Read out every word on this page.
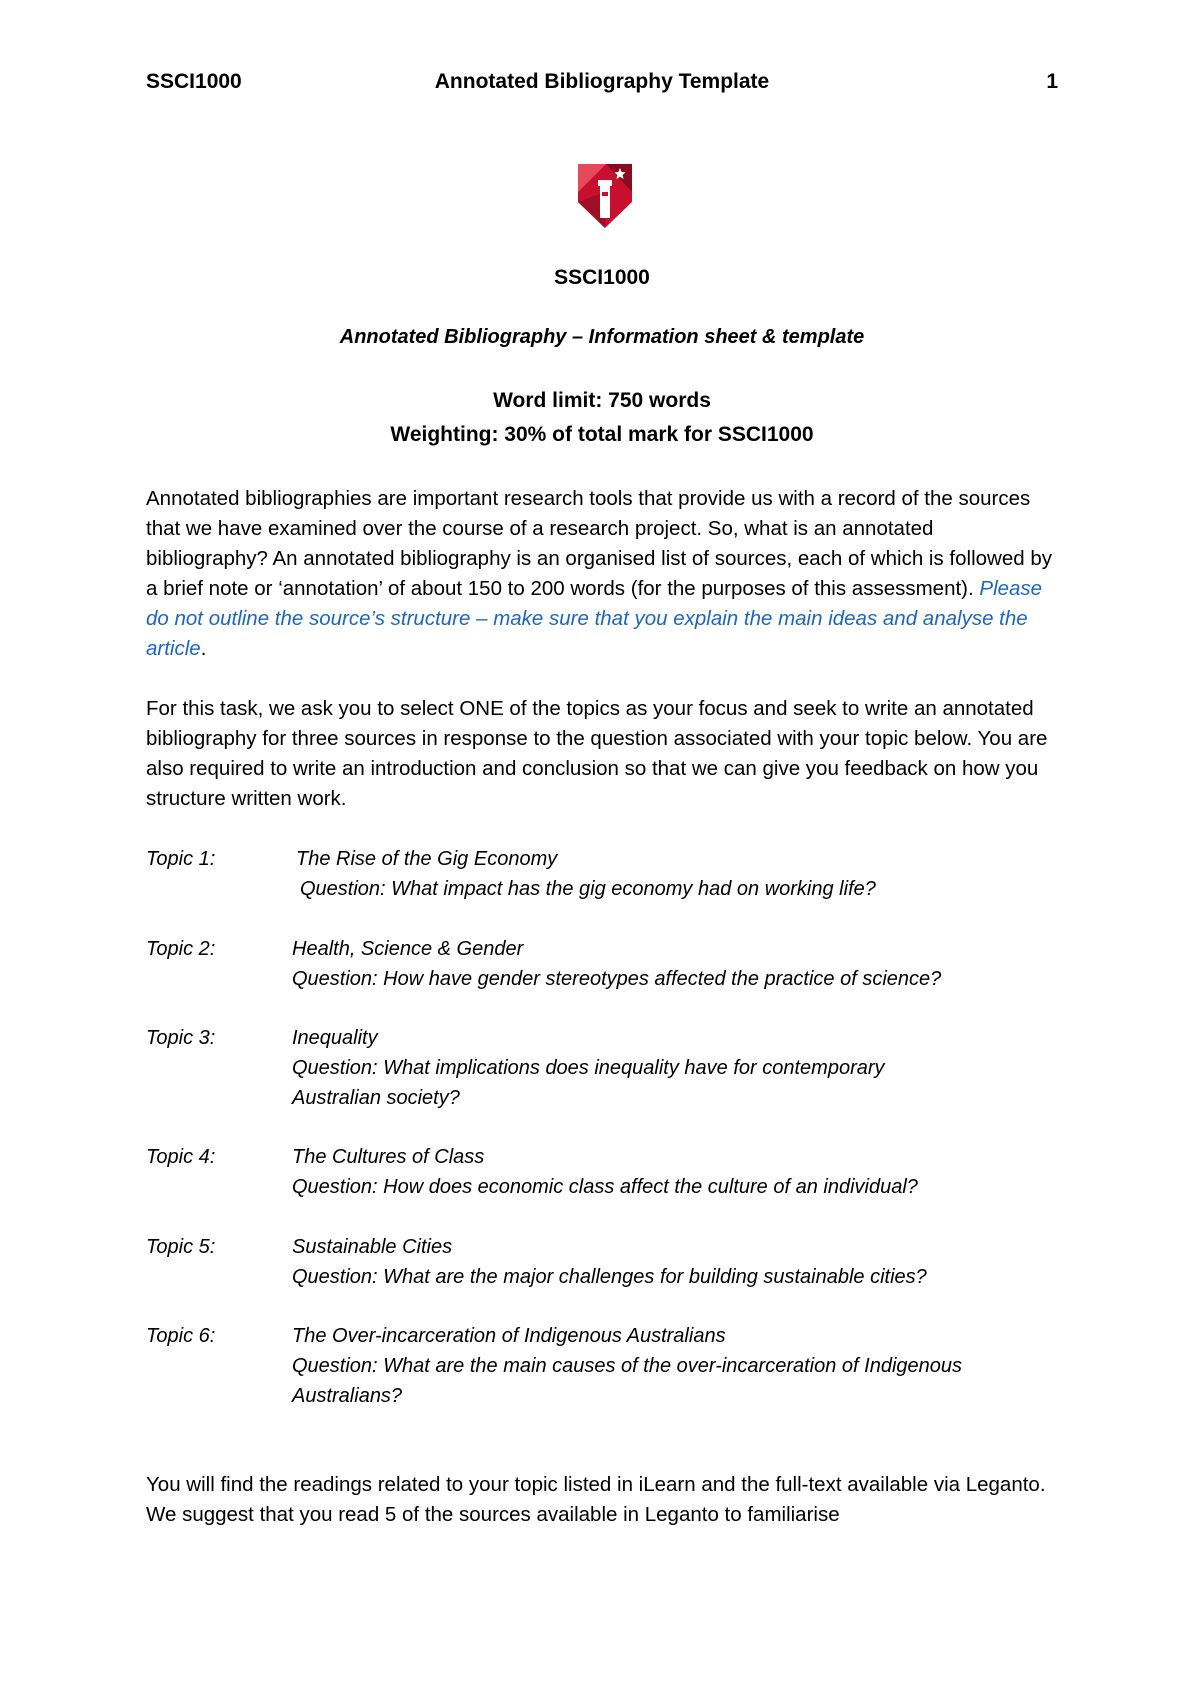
SSCI1000	Annotated Bibliography Template	1
SSCI1000
Annotated Bibliography – Information sheet & template
Word limit: 750 words
Weighting: 30% of total mark for SSCI1000
Annotated bibliographies are important research tools that provide us with a record of the sources that we have examined over the course of a research project. So, what is an annotated bibliography? An annotated bibliography is an organised list of sources, each of which is followed by a brief note or ‘annotation’ of about 150 to 200 words (for the purposes of this assessment). Please do not outline the source’s structure – make sure that you explain the main ideas and analyse the article.
For this task, we ask you to select ONE of the topics as your focus and seek to write an annotated bibliography for three sources in response to the question associated with your topic below. You are also required to write an introduction and conclusion so that we can give you feedback on how you structure written work.
Topic 1:	The Rise of the Gig Economy
Question: What impact has the gig economy had on working life?
Topic 2:	Health, Science & Gender
Question: How have gender stereotypes affected the practice of science?
Topic 3:	Inequality
Question: What implications does inequality have for contemporary Australian society?
Topic 4:	The Cultures of Class
Question: How does economic class affect the culture of an individual?
Topic 5:	Sustainable Cities
Question: What are the major challenges for building sustainable cities?
Topic 6:	The Over-incarceration of Indigenous Australians
Question: What are the main causes of the over-incarceration of Indigenous Australians?
You will find the readings related to your topic listed in iLearn and the full-text available via Leganto. We suggest that you read 5 of the sources available in Leganto to familiarise
